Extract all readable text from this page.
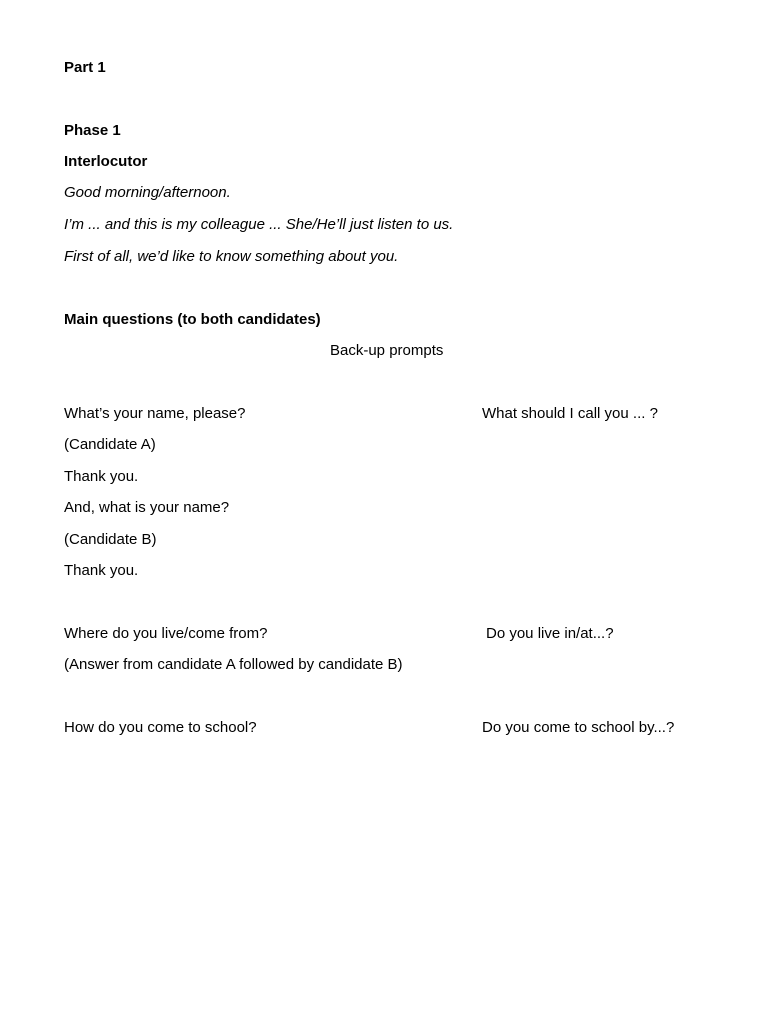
Part 1
Phase 1
Interlocutor
Good morning/afternoon.
I’m ... and this is my colleague ... She/He’ll just listen to us.
First of all, we’d like to know something about you.
Main questions (to both candidates)
Back-up prompts
What’s your name, please?	What should I call you ... ?
(Candidate A)
Thank you.
And, what is your name?
(Candidate B)
Thank you.
Where do you live/come from?	Do you live in/at...?
(Answer from candidate A followed by candidate B)
How do you come to school?	Do you come to school by...?
